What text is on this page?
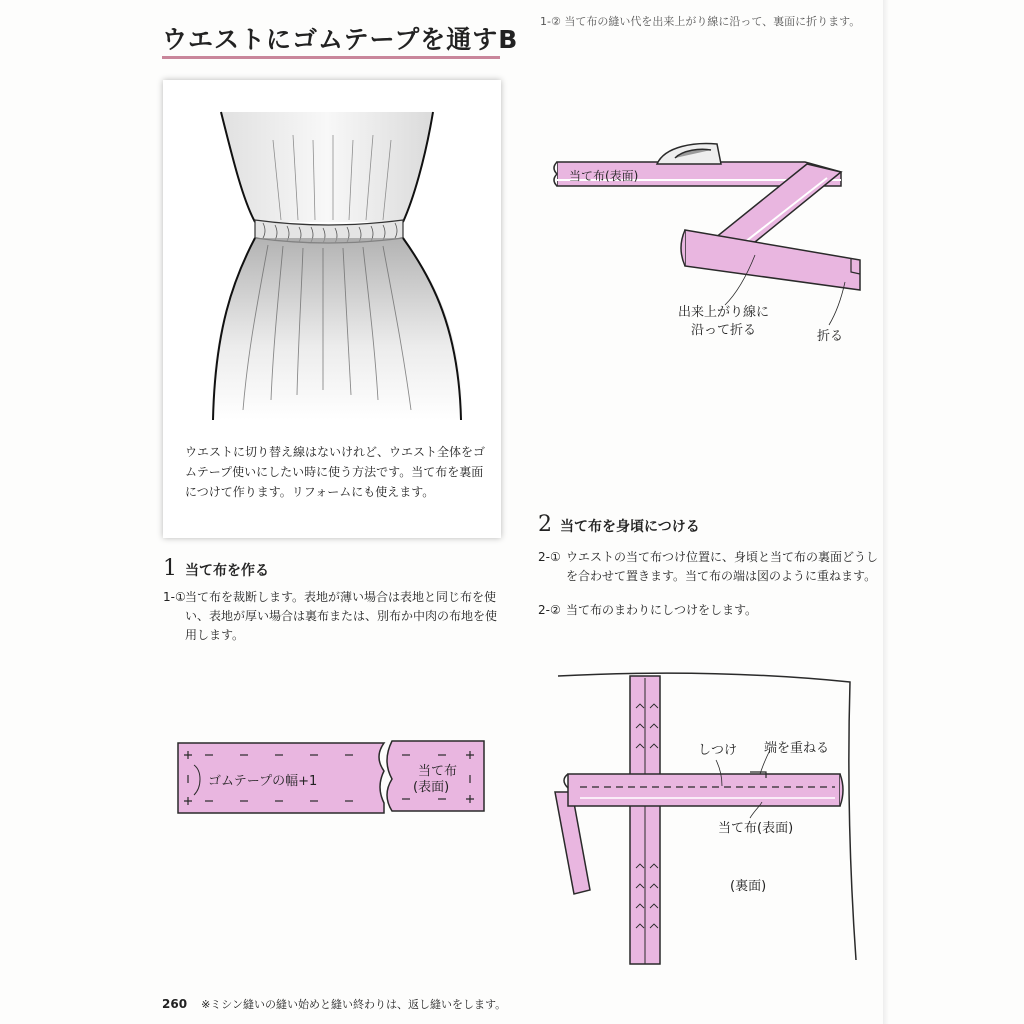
ウエストにゴムテープを通すB
1-② 当て布の縫い代を出来上がり線に沿って、裏面に折ります。
ウエストに切り替え線はないけれど、ウエスト全体をゴムテープ使いにしたい時に使う方法です。当て布を裏面につけて作ります。リフォームにも使えます。
1 当て布を作る
1-① 当て布を裁断します。表地が薄い場合は表地と同じ布を使い、表地が厚い場合は裏布または、別布か中肉の布地を使用します。
2 当て布を身頃につける
2-① ウエストの当て布つけ位置に、身頃と当て布の裏面どうしを合わせて置きます。当て布の端は図のように重ねます。
2-② 当て布のまわりにしつけをします。
当て布(表面)
出来上がり線に
沿って折る	折る
ゴムテープの幅+1
当て布
(表面)
しつけ 端を重ねる
当て布(表面)
(裏面)
260 ※ミシン縫いの縫い始めと縫い終わりは、返し縫いをします。
